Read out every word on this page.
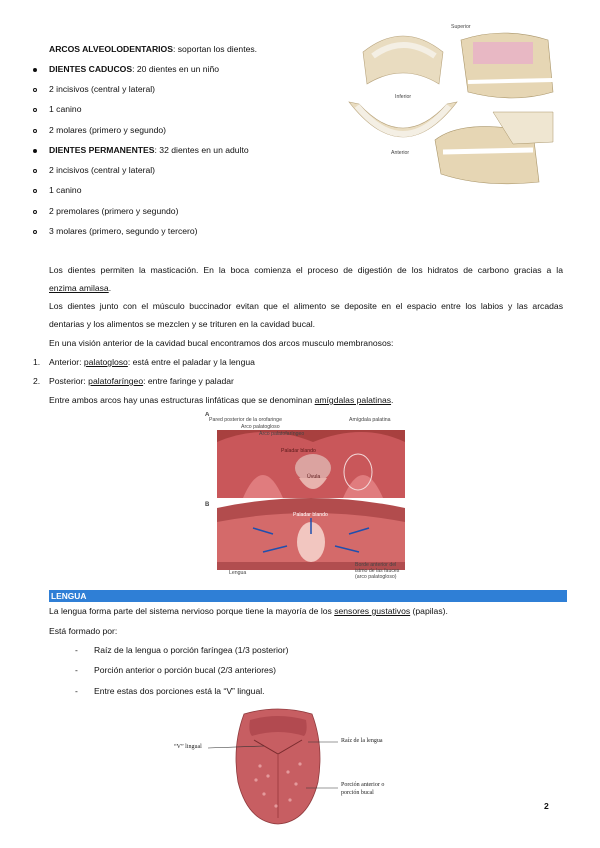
Superior
Inferior
Anterior
ARCOS ALVEOLODENTARIOS: soportan los dientes.
DIENTES CADUCOS: 20 dientes en un niño
2 incisivos (central y lateral)
1 canino
2 molares (primero y segundo)
DIENTES PERMANENTES: 32 dientes en un adulto
2 incisivos (central y lateral)
1 canino
2 premolares (primero y segundo)
3 molares (primero, segundo y tercero)
Los dientes permiten la masticación. En la boca comienza el proceso de digestión de los hidratos de carbono gracias a la
enzima amilasa.
Los dientes junto con el músculo buccinador evitan que el alimento se deposite en el espacio entre los labios y las arcadas
dentarias y los alimentos se mezclen y se trituren en la cavidad bucal.
En una visión anterior de la cavidad bucal encontramos dos arcos musculo membranosos:
1. Anterior: palatogloso: está entre el paladar y la lengua
2. Posterior: palatofaríngeo: entre faringe y paladar
Entre ambos arcos hay unas estructuras linfáticas que se denominan amígdalas palatinas.
A
B
Pared posterior de la orofaringe
Arco palatogloso
Arco palatofaríngeo
Amígdala palatina
Paladar blando
Úvula
Paladar blando
Lengua
Borde anterior del
istmo de las fauces
(arco palatogloso)
LENGUA
La lengua forma parte del sistema nervioso porque tiene la mayoría de los sensores gustativos (papilas).
Está formado por:
- Raíz de la lengua o porción faríngea (1/3 posterior)
- Porción anterior o porción bucal (2/3 anteriores)
- Entre estas dos porciones está la “V” lingual.
“V” lingual
Raíz de la lengua
Porción anterior o
porción bucal
2
